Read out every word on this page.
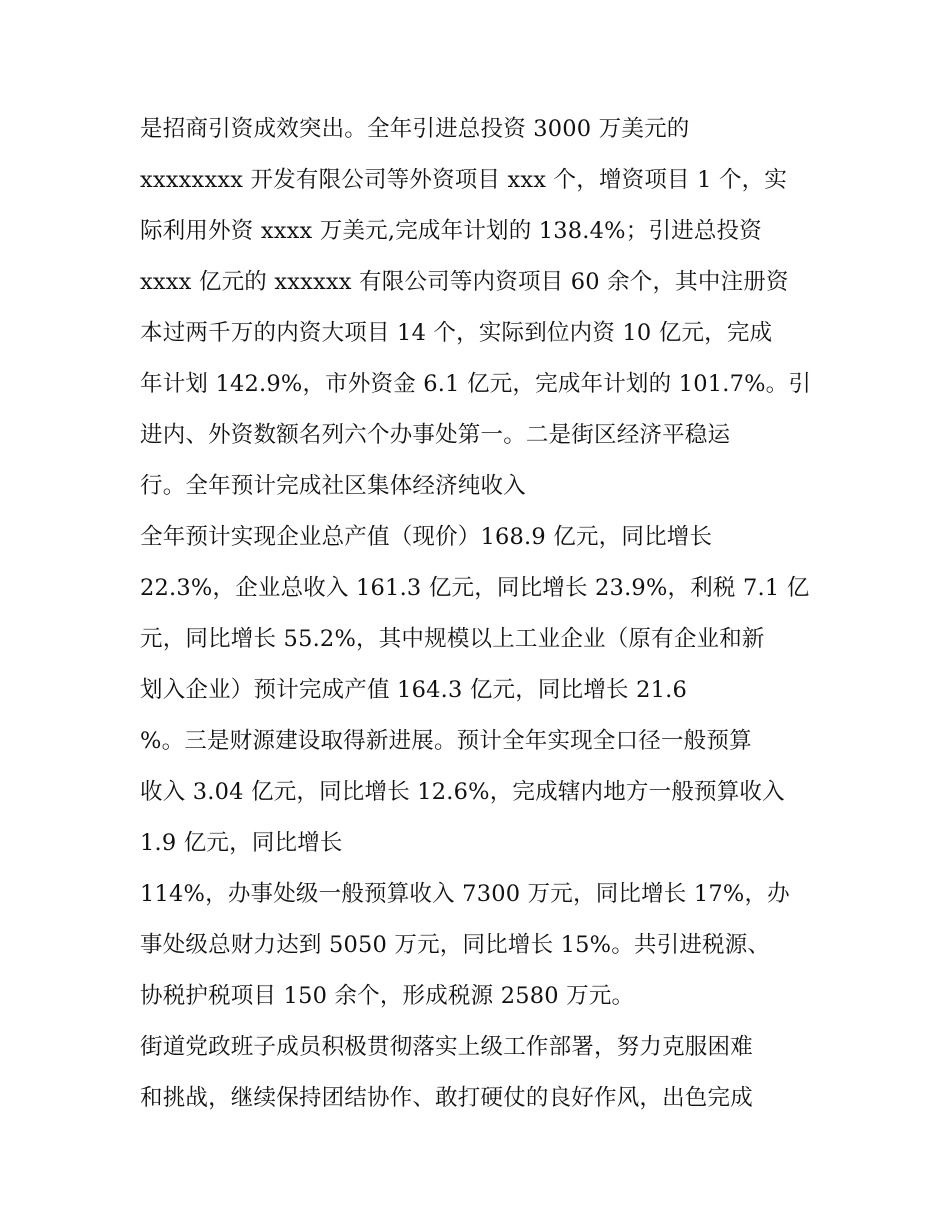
是招商引资成效突出。全年引进总投资 3000 万美元的
xxxxxxxx 开发有限公司等外资项目 xxx 个，增资项目 1 个，实
际利用外资 xxxx 万美元,完成年计划的 138.4%；引进总投资
xxxx 亿元的 xxxxxx 有限公司等内资项目 60 余个，其中注册资
本过两千万的内资大项目 14 个，实际到位内资 10 亿元，完成
年计划 142.9%，市外资金 6.1 亿元，完成年计划的 101.7%。引
进内、外资数额名列六个办事处第一。二是街区经济平稳运
行。全年预计完成社区集体经济纯收入
全年预计实现企业总产值（现价）168.9 亿元，同比增长
22.3%，企业总收入 161.3 亿元，同比增长 23.9%，利税 7.1 亿
元，同比增长 55.2%，其中规模以上工业企业（原有企业和新
划入企业）预计完成产值 164.3 亿元，同比增长 21.6
%。三是财源建设取得新进展。预计全年实现全口径一般预算
收入 3.04 亿元，同比增长 12.6%，完成辖内地方一般预算收入
1.9 亿元，同比增长
114%，办事处级一般预算收入 7300 万元，同比增长 17%，办
事处级总财力达到 5050 万元，同比增长 15%。共引进税源、
协税护税项目 150 余个，形成税源 2580 万元。
街道党政班子成员积极贯彻落实上级工作部署，努力克服困难
和挑战，继续保持团结协作、敢打硬仗的良好作风，出色完成
